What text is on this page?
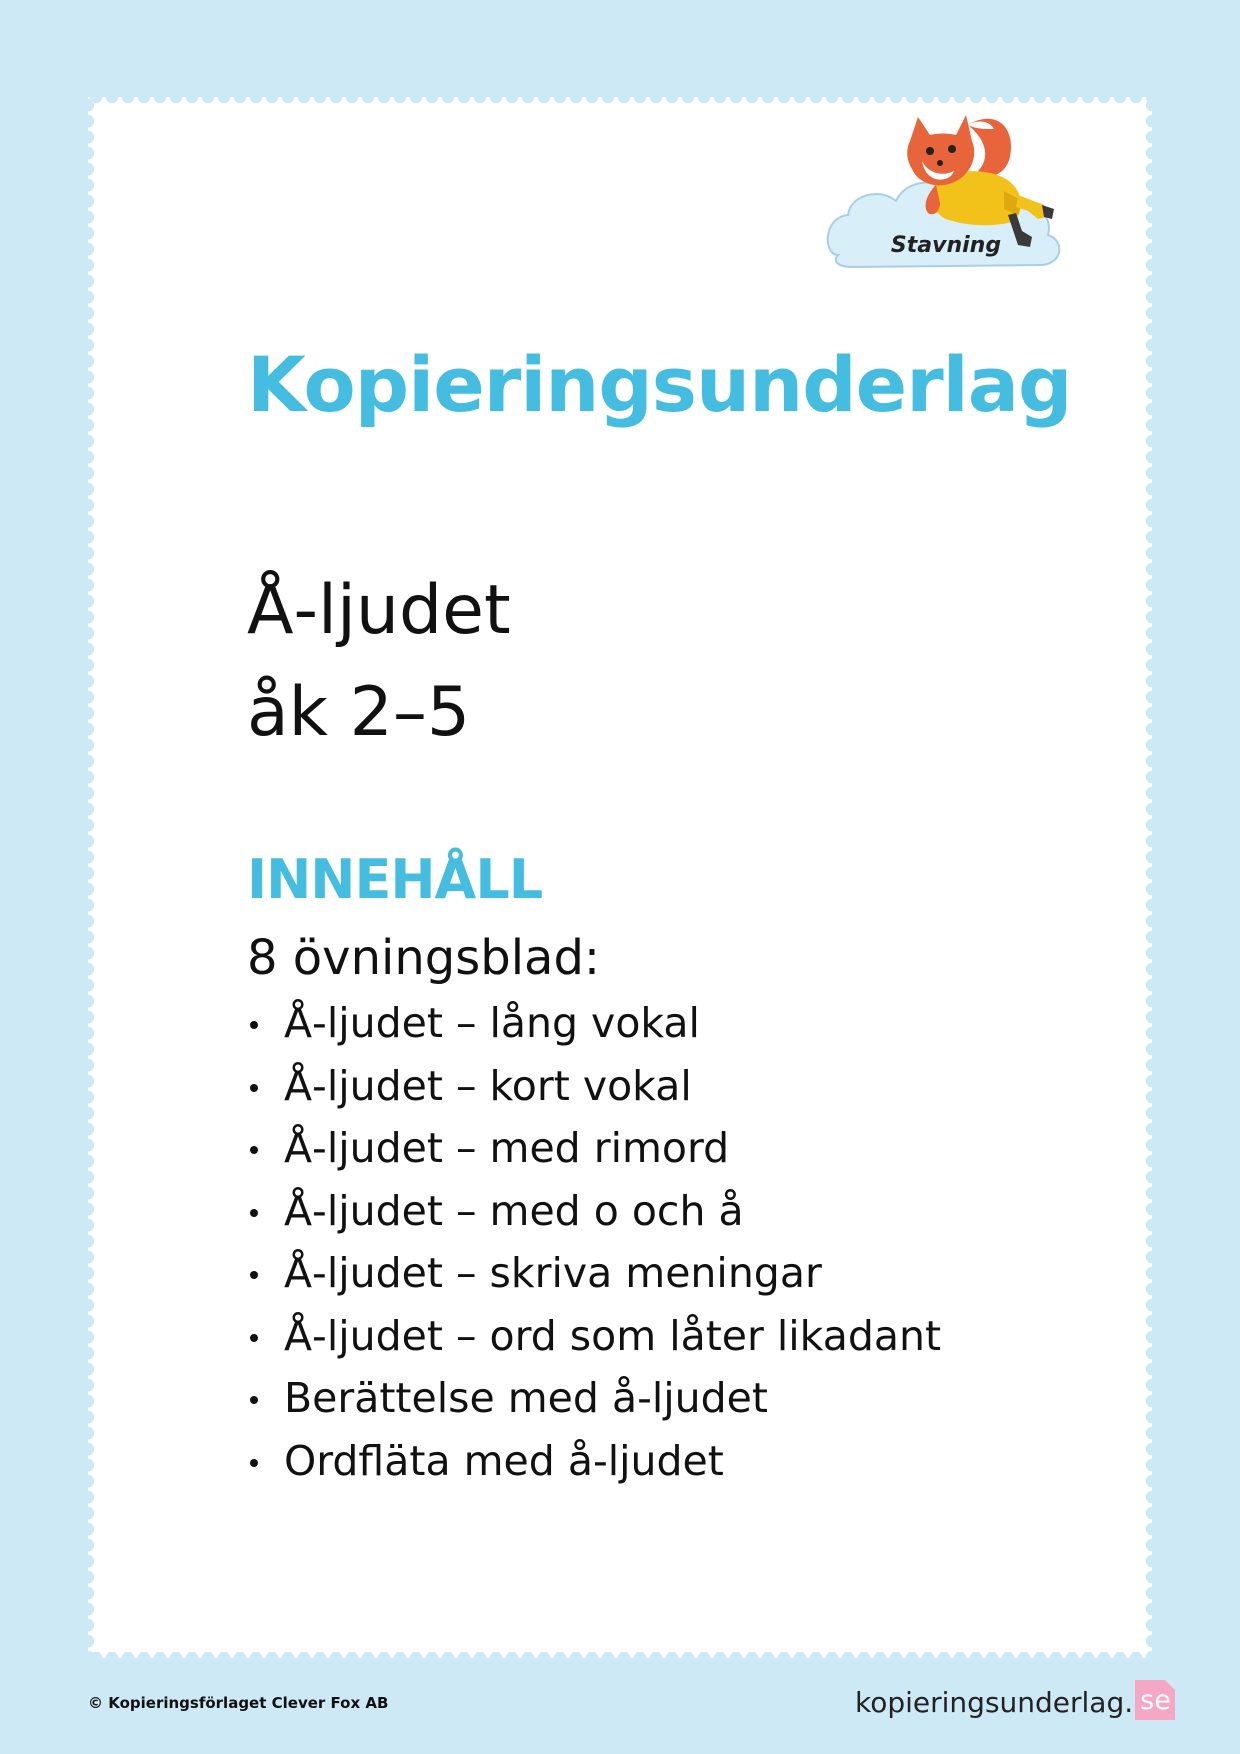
Stavning
Kopieringsunderlag
Å-ljudet
åk 2–5
INNEHÅLL
8 övningsblad:
Å-ljudet – lång vokal
Å-ljudet – kort vokal
Å-ljudet – med rimord
Å-ljudet – med o och å
Å-ljudet – skriva meningar
Å-ljudet – ord som låter likadant
Berättelse med å-ljudet
Ordfläta med å-ljudet
© Kopieringsförlaget Clever Fox AB	kopieringsunderlag. se
